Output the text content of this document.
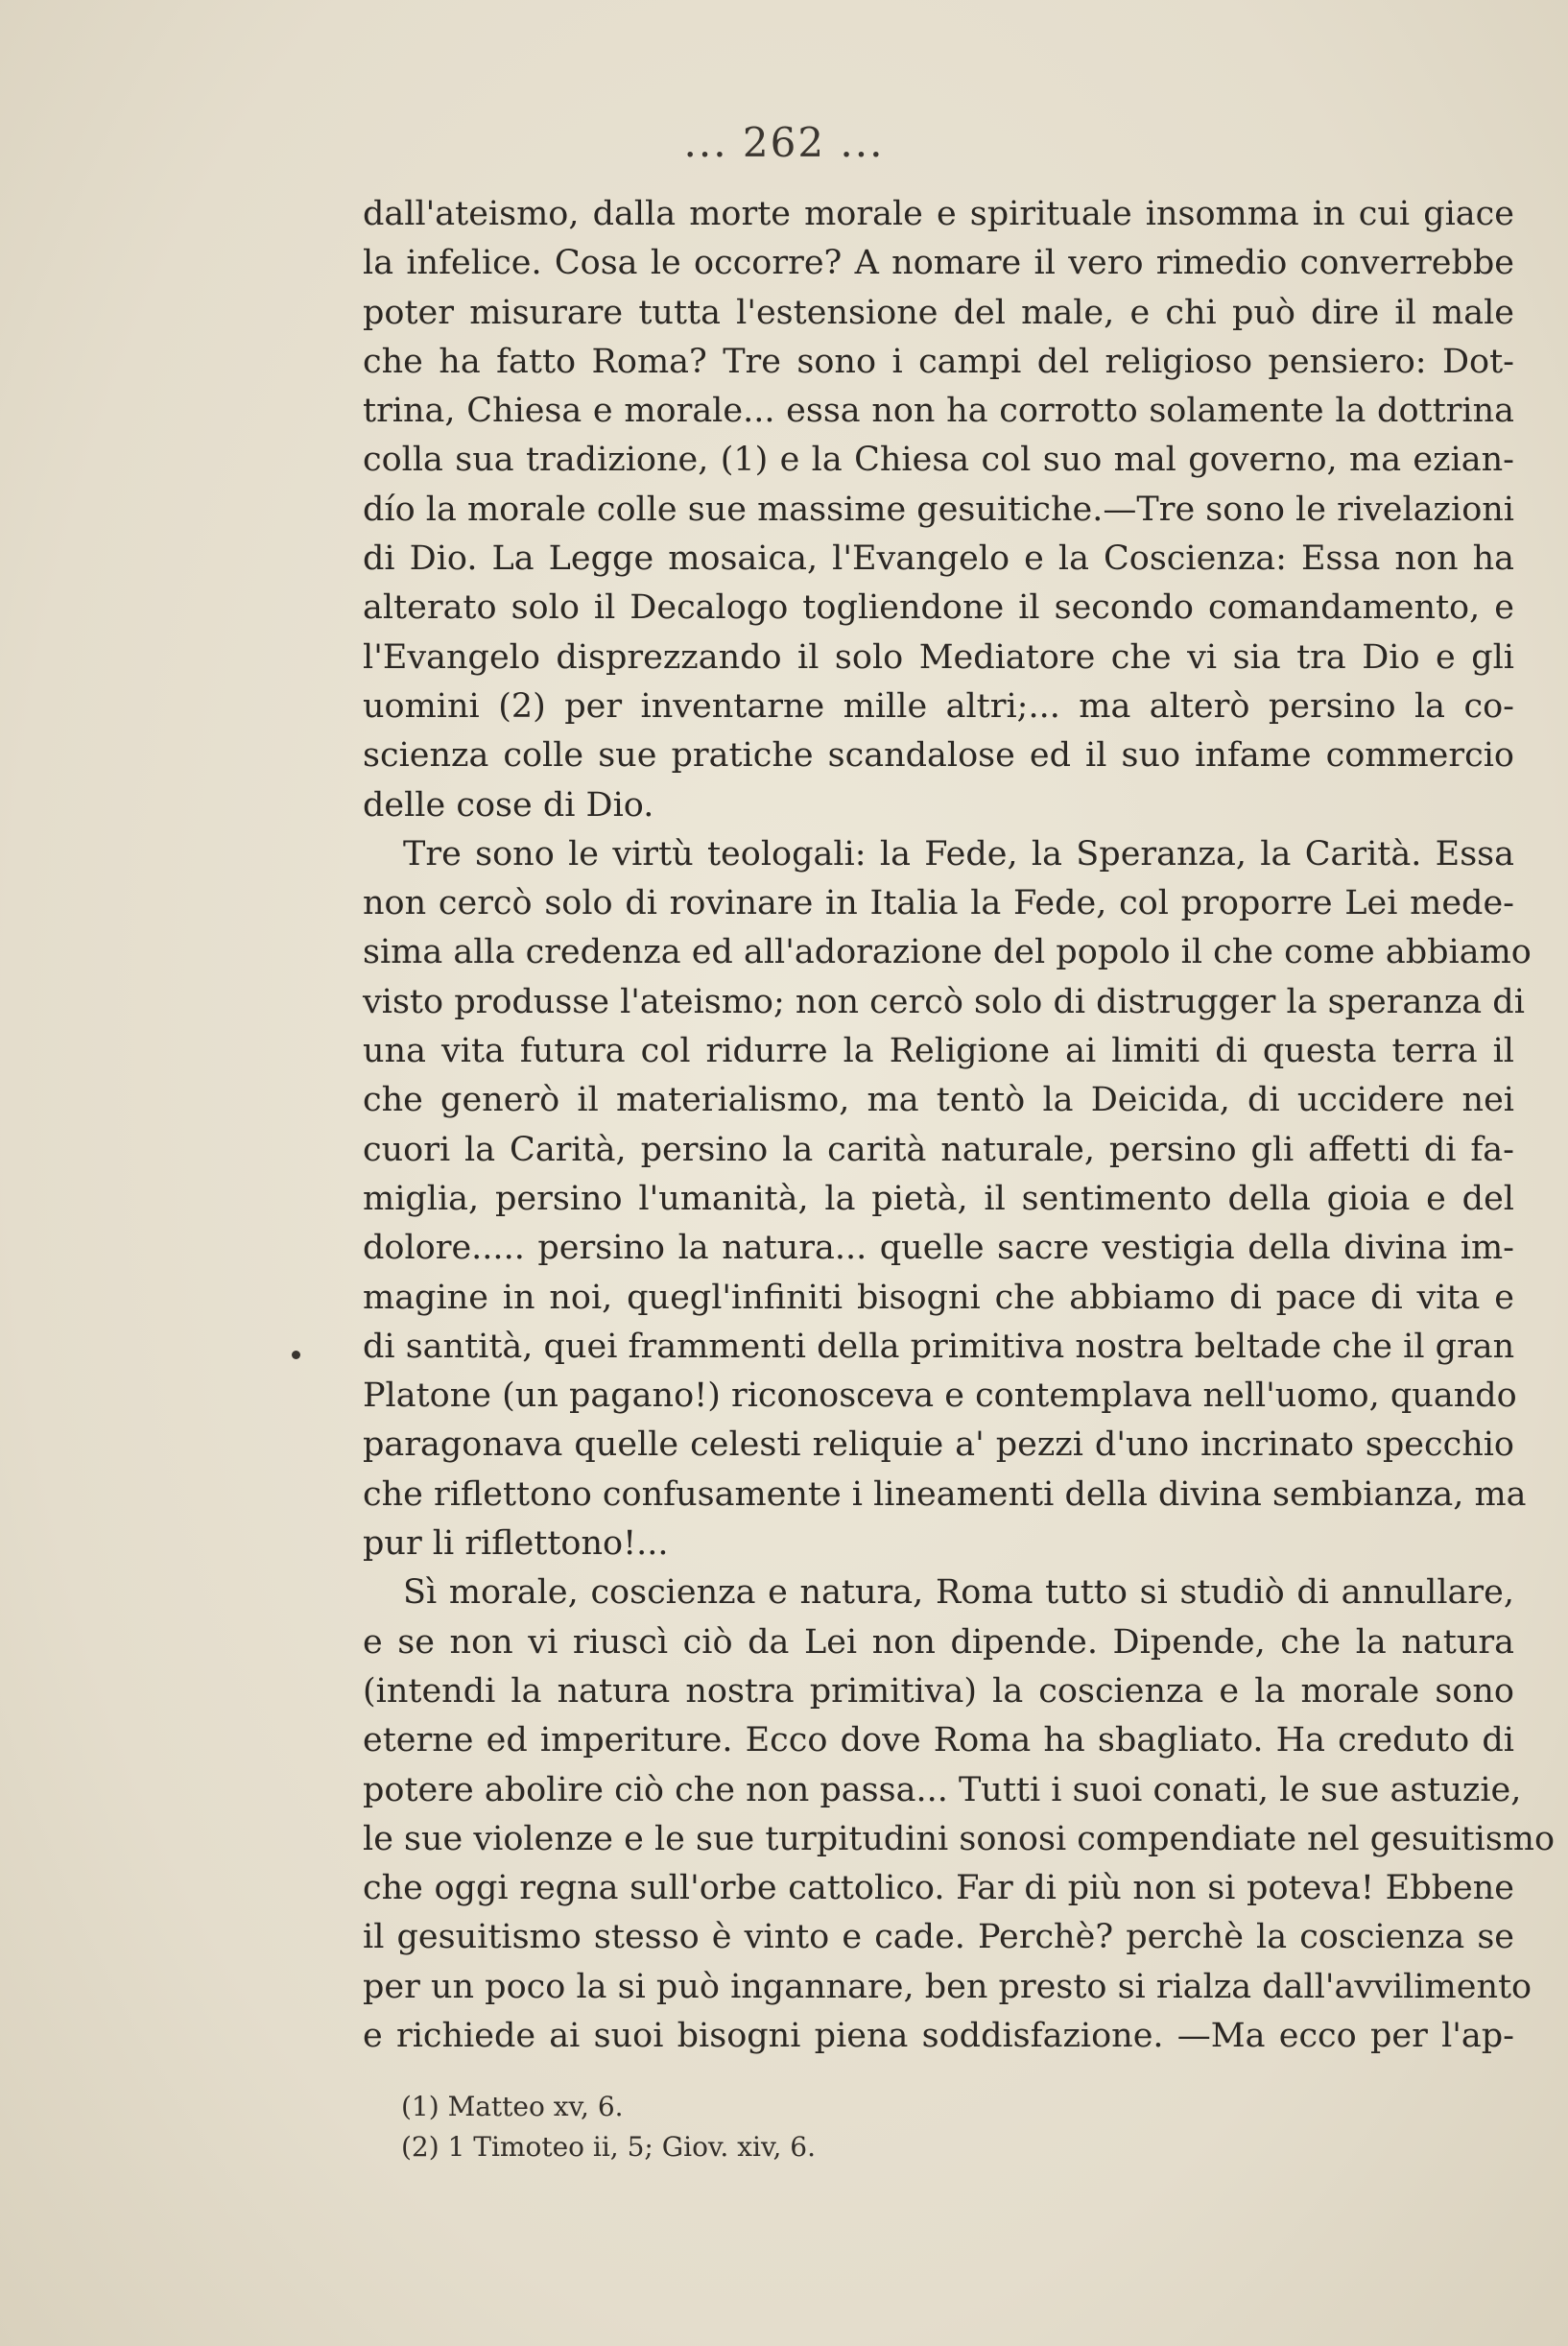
... 262 ...
dall'ateismo, dalla morte morale e spirituale insomma in cui giace
la infelice. Cosa le occorre? A nomare il vero rimedio converrebbe
poter misurare tutta l'estensione del male, e chi può dire il male
che ha fatto Roma? Tre sono i campi del religioso pensiero: Dot-
trina, Chiesa e morale... essa non ha corrotto solamente la dottrina
colla sua tradizione, (1) e la Chiesa col suo mal governo, ma ezian-
dío la morale colle sue massime gesuitiche.—Tre sono le rivelazioni
di Dio. La Legge mosaica, l'Evangelo e la Coscienza: Essa non ha
alterato solo il Decalogo togliendone il secondo comandamento, e
l'Evangelo disprezzando il solo Mediatore che vi sia tra Dio e gli
uomini (2) per inventarne mille altri;... ma alterò persino la co-
scienza colle sue pratiche scandalose ed il suo infame commercio
delle cose di Dio.
Tre sono le virtù teologali: la Fede, la Speranza, la Carità. Essa
non cercò solo di rovinare in Italia la Fede, col proporre Lei mede-
sima alla credenza ed all'adorazione del popolo il che come abbiamo
visto produsse l'ateismo; non cercò solo di distrugger la speranza di
una vita futura col ridurre la Religione ai limiti di questa terra il
che generò il materialismo, ma tentò la Deicida, di uccidere nei
cuori la Carità, persino la carità naturale, persino gli affetti di fa-
miglia, persino l'umanità, la pietà, il sentimento della gioia e del
dolore..... persino la natura... quelle sacre vestigia della divina im-
magine in noi, quegl'infiniti bisogni che abbiamo di pace di vita e
di santità, quei frammenti della primitiva nostra beltade che il gran
Platone (un pagano!) riconosceva e contemplava nell'uomo, quando
paragonava quelle celesti reliquie a' pezzi d'uno incrinato specchio
che riflettono confusamente i lineamenti della divina sembianza, ma
pur li riflettono!...
Sì morale, coscienza e natura, Roma tutto si studiò di annullare,
e se non vi riuscì ciò da Lei non dipende. Dipende, che la natura
(intendi la natura nostra primitiva) la coscienza e la morale sono
eterne ed imperiture. Ecco dove Roma ha sbagliato. Ha creduto di
potere abolire ciò che non passa... Tutti i suoi conati, le sue astuzie,
le sue violenze e le sue turpitudini sonosi compendiate nel gesuitismo
che oggi regna sull'orbe cattolico. Far di più non si poteva! Ebbene
il gesuitismo stesso è vinto e cade. Perchè? perchè la coscienza se
per un poco la si può ingannare, ben presto si rialza dall'avvilimento
e richiede ai suoi bisogni piena soddisfazione. —Ma ecco per l'ap-
(1) Matteo xv, 6.
(2) 1 Timoteo ii, 5; Giov. xiv, 6.
